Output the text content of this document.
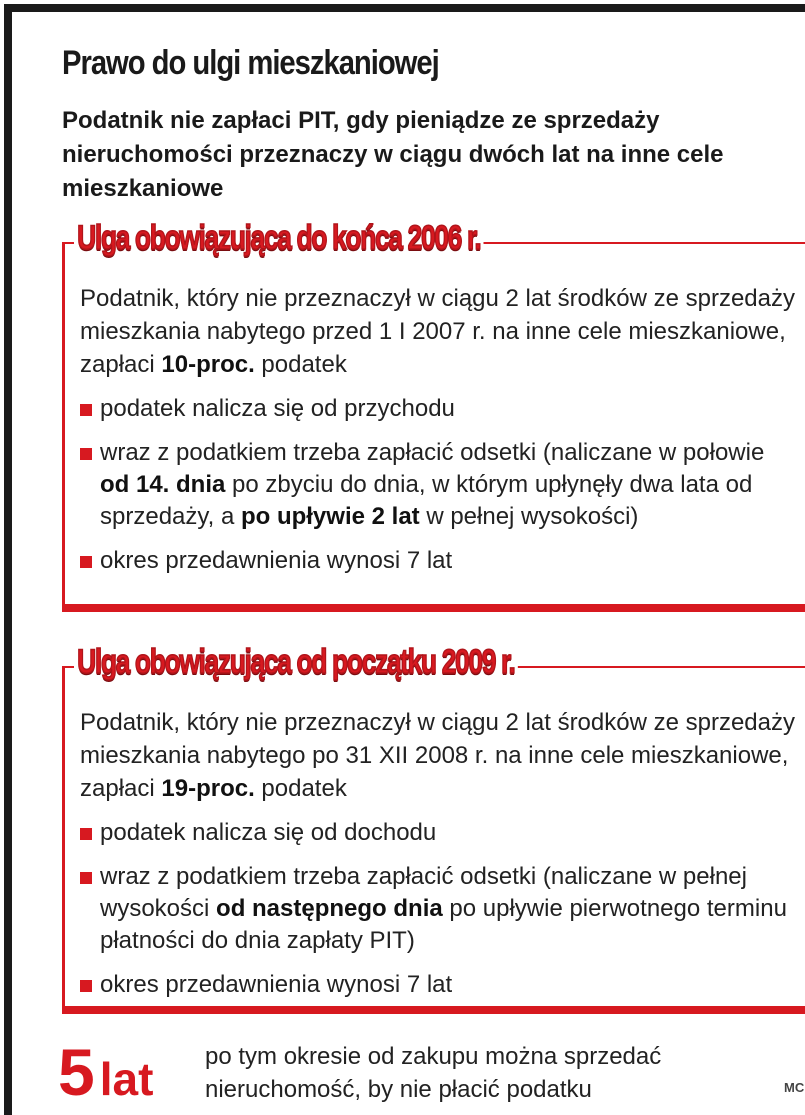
Prawo do ulgi mieszkaniowej

Podatnik nie zapłaci PIT, gdy pieniądze ze sprzedaży nieruchomości przeznaczy w ciągu dwóch lat na inne cele mieszkaniowe

Ulga obowiązująca do końca 2006 r.

Podatnik, który nie przeznaczył w ciągu 2 lat środków ze sprzedaży mieszkania nabytego przed 1 I 2007 r. na inne cele mieszkaniowe, zapłaci 10-proc. podatek

podatek nalicza się od przychodu
wraz z podatkiem trzeba zapłacić odsetki (naliczane w połowie od 14. dnia po zbyciu do dnia, w którym upłynęły dwa lata od sprzedaży, a po upływie 2 lat w pełnej wysokości)
okres przedawnienia wynosi 7 lat
Ulga obowiązująca od początku 2009 r.

Podatnik, który nie przeznaczył w ciągu 2 lat środków ze sprzedaży mieszkania nabytego po 31 XII 2008 r. na inne cele mieszkaniowe, zapłaci 19-proc. podatek

podatek nalicza się od dochodu
wraz z podatkiem trzeba zapłacić odsetki (naliczane w pełnej wysokości od następnego dnia po upływie pierwotnego terminu płatności do dnia zapłaty PIT)
okres przedawnienia wynosi 7 lat
5 lat po tym okresie od zakupu można sprzedać nieruchomość, by nie płacić podatku	MC
